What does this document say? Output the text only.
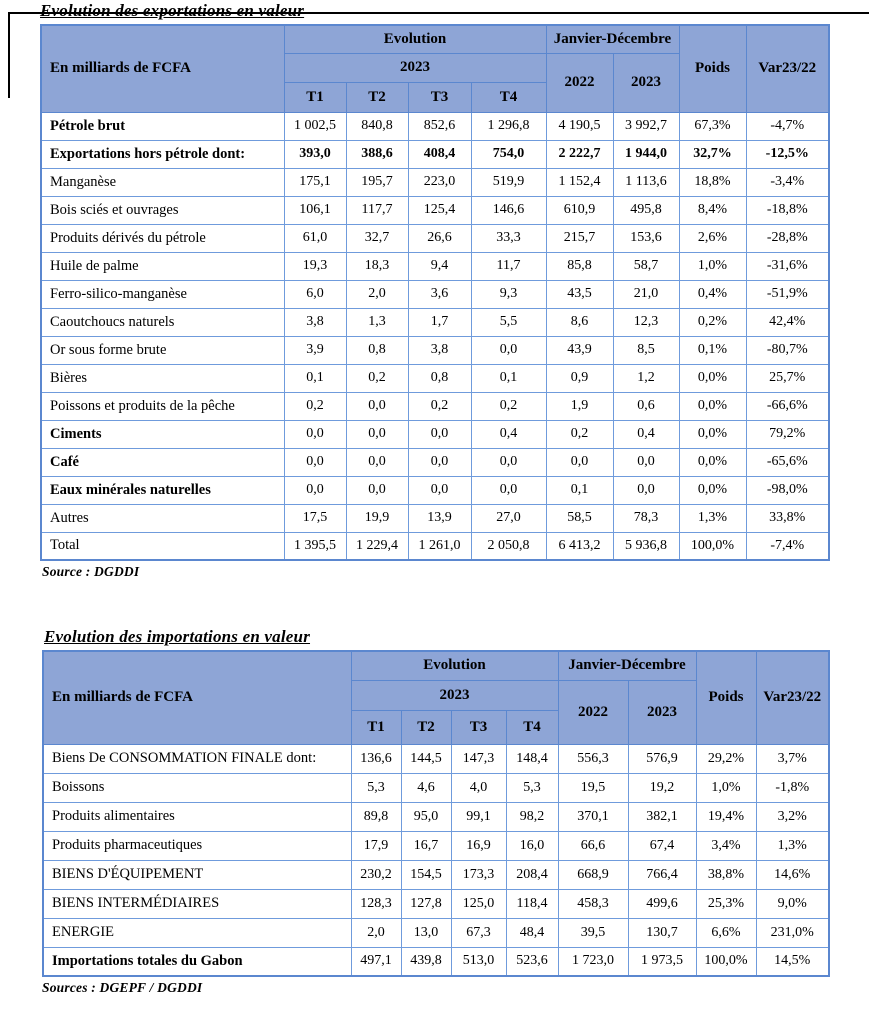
Evolution des exportations en valeur
En milliards de FCFA	Evolution				Janvier-Décembre		Poids	Var23/22
	2023				2022	2023		
	T1	T2	T3	T4				
Pétrole brut	1 002,5	840,8	852,6	1 296,8	4 190,5	3 992,7	67,3%	-4,7%
Exportations hors pétrole dont:	393,0	388,6	408,4	754,0	2 222,7	1 944,0	32,7%	-12,5%
Manganèse	175,1	195,7	223,0	519,9	1 152,4	1 113,6	18,8%	-3,4%
Bois sciés et ouvrages	106,1	117,7	125,4	146,6	610,9	495,8	8,4%	-18,8%
Produits dérivés du pétrole	61,0	32,7	26,6	33,3	215,7	153,6	2,6%	-28,8%
Huile de palme	19,3	18,3	9,4	11,7	85,8	58,7	1,0%	-31,6%
Ferro-silico-manganèse	6,0	2,0	3,6	9,3	43,5	21,0	0,4%	-51,9%
Caoutchoucs naturels	3,8	1,3	1,7	5,5	8,6	12,3	0,2%	42,4%
Or sous forme brute	3,9	0,8	3,8	0,0	43,9	8,5	0,1%	-80,7%
Bières	0,1	0,2	0,8	0,1	0,9	1,2	0,0%	25,7%
Poissons et produits de la pêche	0,2	0,0	0,2	0,2	1,9	0,6	0,0%	-66,6%
Ciments	0,0	0,0	0,0	0,4	0,2	0,4	0,0%	79,2%
Café	0,0	0,0	0,0	0,0	0,0	0,0	0,0%	-65,6%
Eaux minérales naturelles	0,0	0,0	0,0	0,0	0,1	0,0	0,0%	-98,0%
Autres	17,5	19,9	13,9	27,0	58,5	78,3	1,3%	33,8%
Total	1 395,5	1 229,4	1 261,0	2 050,8	6 413,2	5 936,8	100,0%	-7,4%
Source : DGDDI
Evolution des importations en valeur
En milliards de FCFA	Evolution				Janvier-Décembre		Poids	Var23/22
	2023				2022	2023		
	T1	T2	T3	T4				
Biens De CONSOMMATION FINALE dont:	136,6	144,5	147,3	148,4	556,3	576,9	29,2%	3,7%
Boissons	5,3	4,6	4,0	5,3	19,5	19,2	1,0%	-1,8%
Produits alimentaires	89,8	95,0	99,1	98,2	370,1	382,1	19,4%	3,2%
Produits pharmaceutiques	17,9	16,7	16,9	16,0	66,6	67,4	3,4%	1,3%
BIENS D'ÉQUIPEMENT	230,2	154,5	173,3	208,4	668,9	766,4	38,8%	14,6%
BIENS INTERMÉDIAIRES	128,3	127,8	125,0	118,4	458,3	499,6	25,3%	9,0%
ENERGIE	2,0	13,0	67,3	48,4	39,5	130,7	6,6%	231,0%
Importations totales du Gabon	497,1	439,8	513,0	523,6	1 723,0	1 973,5	100,0%	14,5%
Sources : DGEPF / DGDDI
